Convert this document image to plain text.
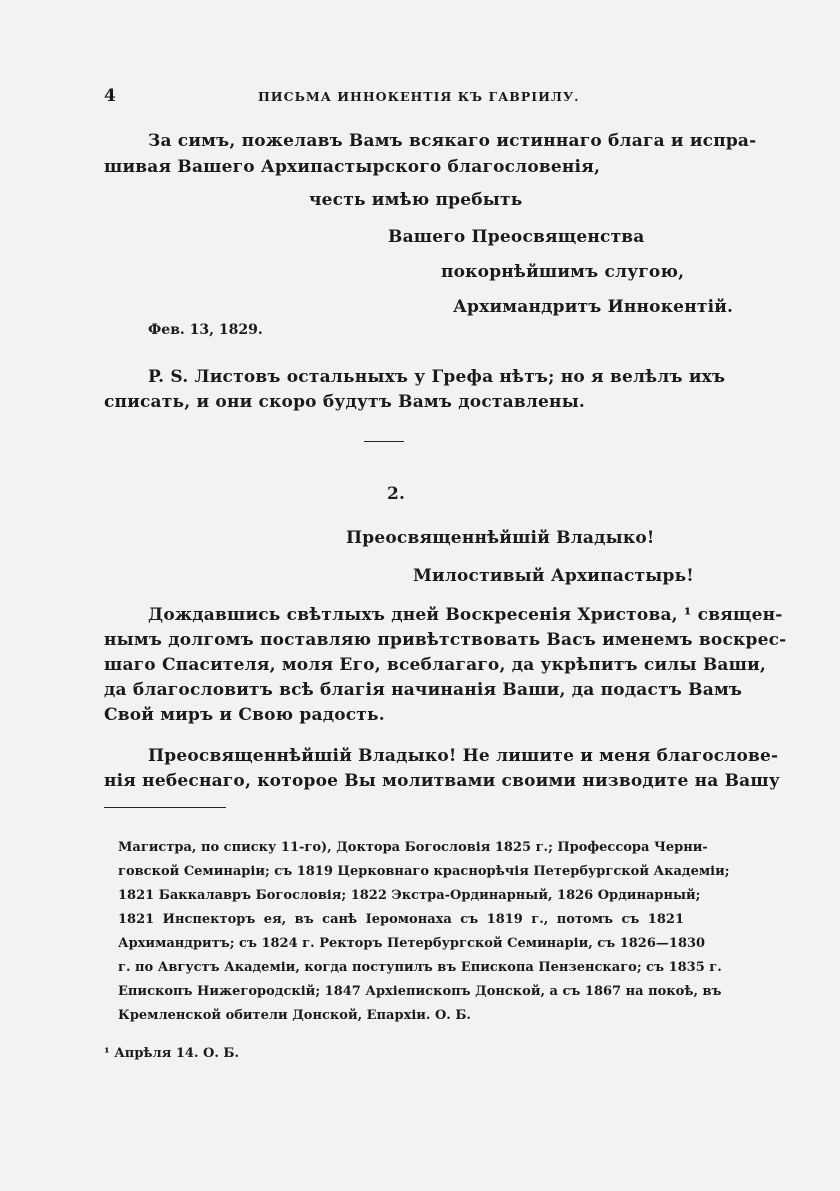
4	ПИСЬМА ИННОКЕНТІЯ КЪ ГАВРІИЛУ.
За симъ, пожелавъ Вамъ всякаго истиннаго блага и испра-
шивая Вашего Архипастырского благословенія,
честь имѣю пребыть
Вашего Преосвященства
покорнѣйшимъ слугою,
Архимандритъ Иннокентій.
Фев. 13, 1829.
P. S. Листовъ остальныхъ у Грефа нѣтъ; но я велѣлъ ихъ
списать, и они скоро будутъ Вамъ доставлены.
2.
Преосвященнѣйшій Владыко!
Милостивый Архипастырь!
Дождавшись свѣтлыхъ дней Воскресенія Христова, ¹ священ-
нымъ долгомъ поставляю привѣтствовать Васъ именемъ воскрес-
шаго Спасителя, моля Его, всеблагаго, да укрѣпитъ силы Ваши,
да благословитъ всѣ благія начинанія Ваши, да подастъ Вамъ
Свой миръ и Свою радость.
Преосвященнѣйшій Владыко! Не лишите и меня благослове-
нія небеснаго, которое Вы молитвами своими низводите на Вашу
Магистра, по списку 11-го), Доктора Богословія 1825 г.; Профессора Черни-
говской Семинаріи; съ 1819 Церковнаго краснорѣчія Петербургской Академіи;
1821 Баккалавръ Богословія; 1822 Экстра-Ординарный, 1826 Ординарный;
1821 Инспекторъ ея, въ санѣ Іеромонаха съ 1819 г., потомъ съ 1821
Архимандритъ; съ 1824 г. Ректоръ Петербургской Семинаріи, съ 1826—1830
г. по Августъ Академіи, когда поступилъ въ Епископа Пензенскаго; съ 1835 г.
Епископъ Нижегородскій; 1847 Архіепископъ Донской, а съ 1867 на покоѣ, въ
Кремленской обители Донской, Епархіи. О. Б.
¹ Апрѣля 14. О. Б.
